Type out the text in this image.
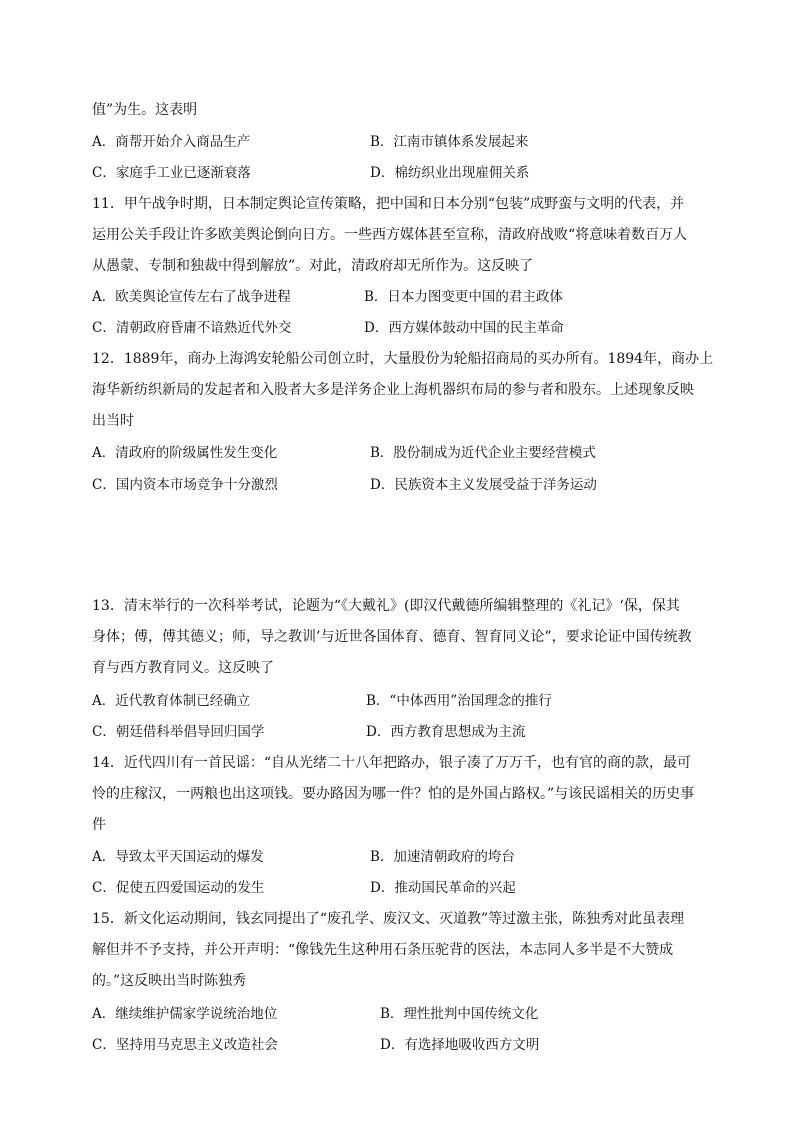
值”为生。这表明
A．商帮开始介入商品生产	B．江南市镇体系发展起来
C．家庭手工业已逐渐衰落	D．棉纺织业出现雇佣关系
11．甲午战争时期，日本制定舆论宣传策略，把中国和日本分别“包装”成野蛮与文明的代表，并
运用公关手段让许多欧美舆论倒向日方。一些西方媒体甚至宣称，清政府战败“将意味着数百万人
从愚蒙、专制和独裁中得到解放”。对此，清政府却无所作为。这反映了
A．欧美舆论宣传左右了战争进程	B．日本力图变更中国的君主政体
C．清朝政府昏庸不谙熟近代外交	D．西方媒体鼓动中国的民主革命
12．1889年，商办上海鸿安轮船公司创立时，大量股份为轮船招商局的买办所有。1894年，商办上
海华新纺织新局的发起者和入股者大多是洋务企业上海机器织布局的参与者和股东。上述现象反映
出当时
A．清政府的阶级属性发生变化	B．股份制成为近代企业主要经营模式
C．国内资本市场竞争十分激烈	D．民族资本主义发展受益于洋务运动
13．清末举行的一次科举考试，论题为“《大戴礼》(即汉代戴德所编辑整理的《礼记》‘保，保其
身体；傅，傅其德义；师，导之教训’与近世各国体育、德育、智育同义论”，要求论证中国传统教
育与西方教育同义。这反映了
A．近代教育体制已经确立	B．“中体西用”治国理念的推行
C．朝廷借科举倡导回归国学	D．西方教育思想成为主流
14．近代四川有一首民谣：“自从光绪二十八年把路办，银子凑了万万千，也有官的商的款，最可
怜的庄稼汉，一两粮也出这项钱。要办路因为哪一件？怕的是外国占路权。”与该民谣相关的历史事
件
A．导致太平天国运动的爆发	B．加速清朝政府的垮台
C．促使五四爱国运动的发生	D．推动国民革命的兴起
15．新文化运动期间，钱玄同提出了“废孔学、废汉文、灭道教”等过激主张，陈独秀对此虽表理
解但并不予支持，并公开声明：“像钱先生这种用石条压驼背的医法，本志同人多半是不大赞成
的。”这反映出当时陈独秀
A．继续维护儒家学说统治地位	B．理性批判中国传统文化
C．坚持用马克思主义改造社会	D．有选择地吸收西方文明
